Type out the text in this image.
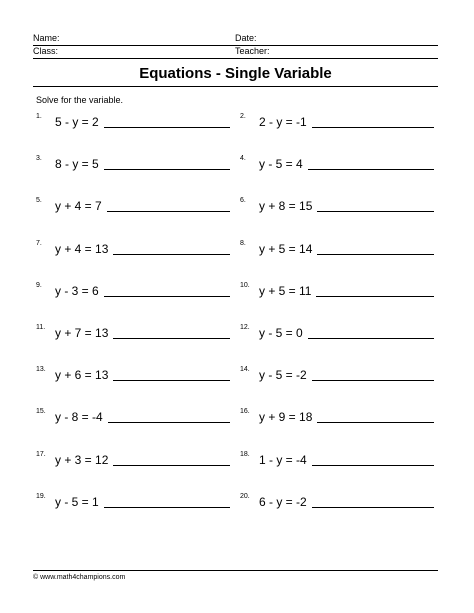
Name:	Date:
Class:	Teacher:
Equations - Single Variable
Solve for the variable.
1. 5 - y = 2	2. 2 - y = -1
3. 8 - y = 5	4. y - 5 = 4
5. y + 4 = 7	6. y + 8 = 15
7. y + 4 = 13	8. y + 5 = 14
9. y - 3 = 6	10. y + 5 = 11
11. y + 7 = 13	12. y - 5 = 0
13. y + 6 = 13	14. y - 5 = -2
15. y - 8 = -4	16. y + 9 = 18
17. y + 3 = 12	18. 1 - y = -4
19. y - 5 = 1	20. 6 - y = -2
© www.math4champions.com
